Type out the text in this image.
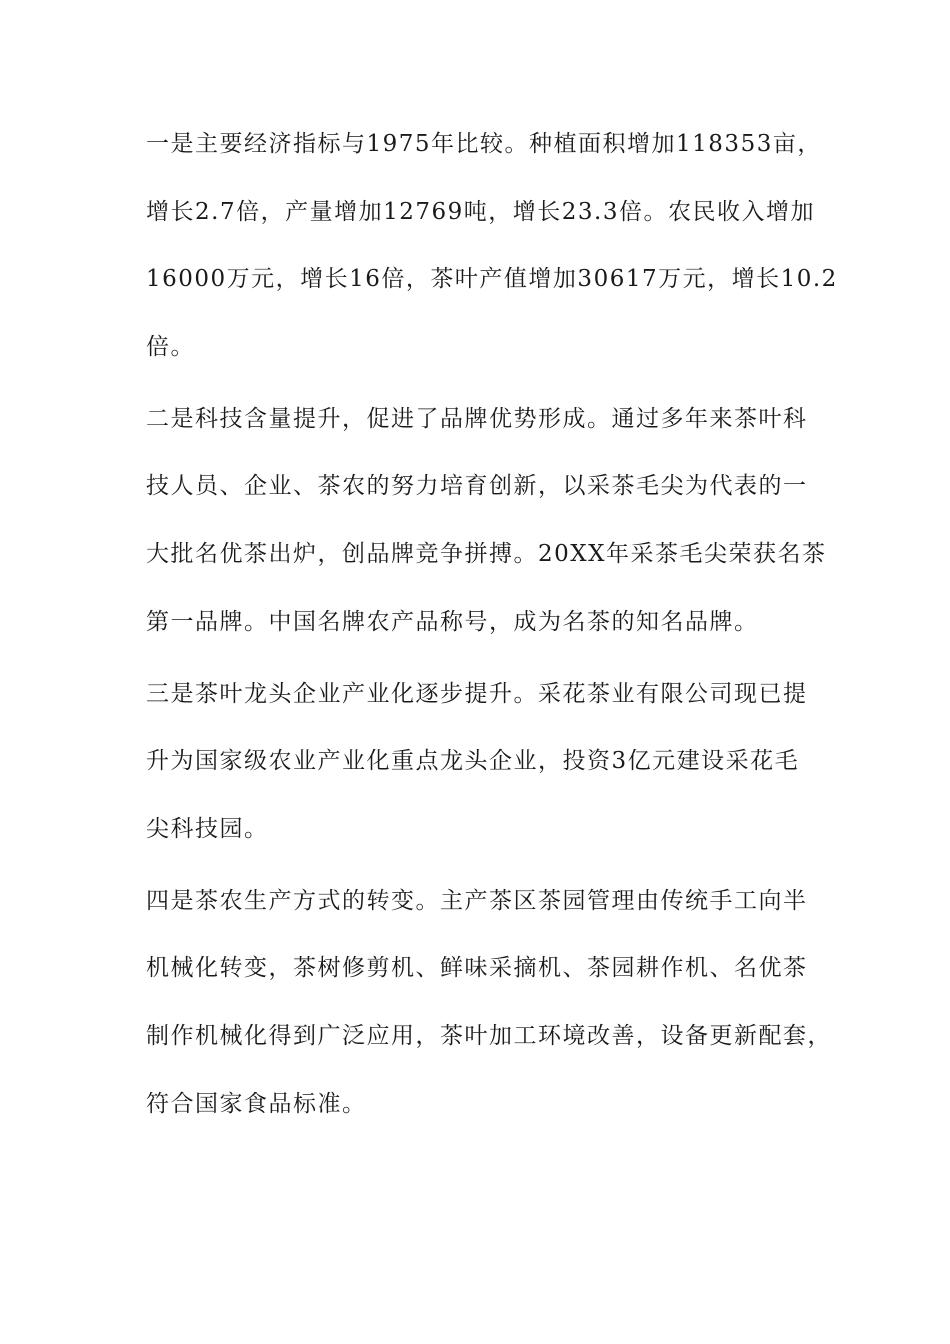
一是主要经济指标与1975年比较。种植面积增加118353亩，
增长2.7倍，产量增加12769吨，增长23.3倍。农民收入增加
16000万元，增长16倍，茶叶产值增加30617万元，增长10.2
倍。
二是科技含量提升，促进了品牌优势形成。通过多年来茶叶科
技人员、企业、茶农的努力培育创新，以采茶毛尖为代表的一
大批名优茶出炉，创品牌竞争拼搏。20XX年采茶毛尖荣获名茶
第一品牌。中国名牌农产品称号，成为名茶的知名品牌。
三是茶叶龙头企业产业化逐步提升。采花茶业有限公司现已提
升为国家级农业产业化重点龙头企业，投资3亿元建设采花毛
尖科技园。
四是茶农生产方式的转变。主产茶区茶园管理由传统手工向半
机械化转变，茶树修剪机、鲜味采摘机、茶园耕作机、名优茶
制作机械化得到广泛应用，茶叶加工环境改善，设备更新配套，
符合国家食品标准。
